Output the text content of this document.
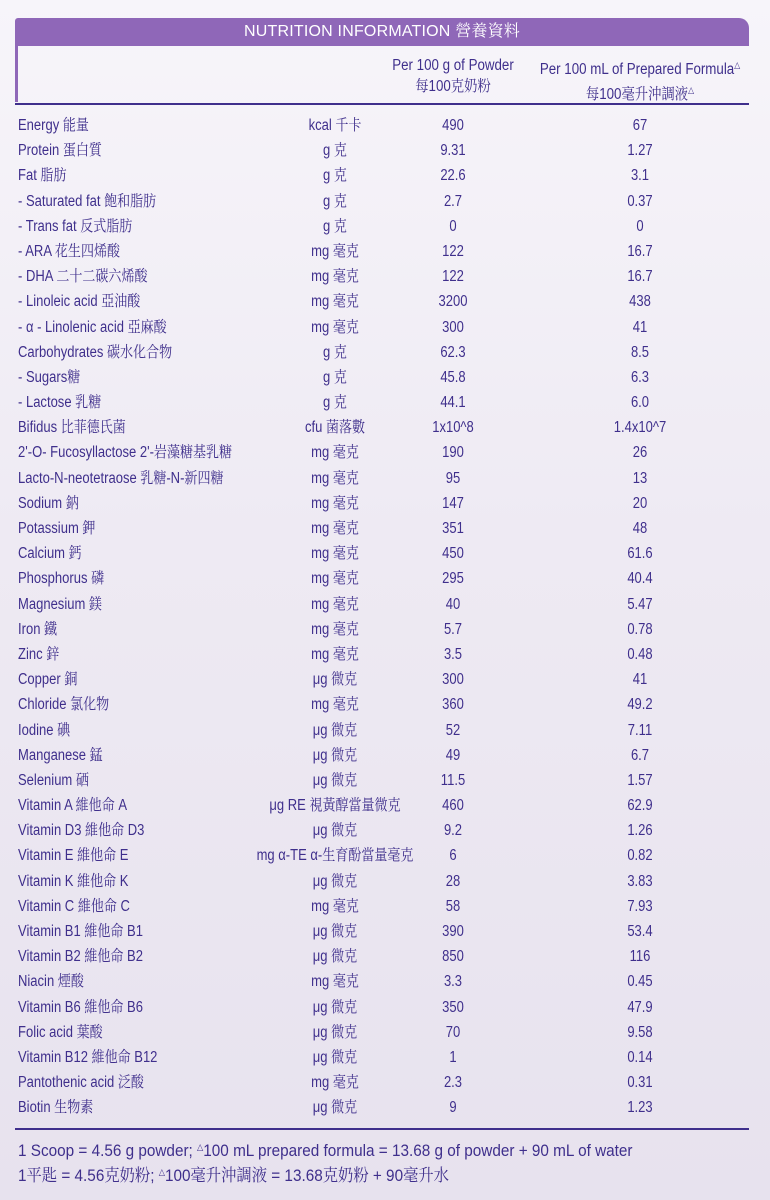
NUTRITION INFORMATION 營養資料
Per 100 g of Powder
每100克奶粉
Per 100 mL of Prepared Formula△
每100毫升沖調液△
Energy 能量	kcal 千卡	490	67
Protein 蛋白質	g 克	9.31	1.27
Fat 脂肪	g 克	22.6	3.1
- Saturated fat 飽和脂肪	g 克	2.7	0.37
- Trans fat 反式脂肪	g 克	0	0
- ARA 花生四烯酸	mg 毫克	122	16.7
- DHA 二十二碳六烯酸	mg 毫克	122	16.7
- Linoleic acid 亞油酸	mg 毫克	3200	438
- α - Linolenic acid 亞麻酸	mg 毫克	300	41
Carbohydrates 碳水化合物	g 克	62.3	8.5
- Sugars糖	g 克	45.8	6.3
- Lactose 乳糖	g 克	44.1	6.0
Bifidus 比菲德氏菌	cfu 菌落數	1x10^8	1.4x10^7
2'-O- Fucosyllactose 2'-岩藻糖基乳糖	mg 毫克	190	26
Lacto-N-neotetraose 乳糖-N-新四糖	mg 毫克	95	13
Sodium 鈉	mg 毫克	147	20
Potassium 鉀	mg 毫克	351	48
Calcium 鈣	mg 毫克	450	61.6
Phosphorus 磷	mg 毫克	295	40.4
Magnesium 鎂	mg 毫克	40	5.47
Iron 鐵	mg 毫克	5.7	0.78
Zinc 鋅	mg 毫克	3.5	0.48
Copper 銅	μg 微克	300	41
Chloride 氯化物	mg 毫克	360	49.2
Iodine 碘	μg 微克	52	7.11
Manganese 錳	μg 微克	49	6.7
Selenium 硒	μg 微克	11.5	1.57
Vitamin A 維他命 A	μg RE 視黃醇當量微克	460	62.9
Vitamin D3 維他命 D3	μg 微克	9.2	1.26
Vitamin E 維他命 E	mg α-TE α-生育酚當量毫克	6	0.82
Vitamin K 維他命 K	μg 微克	28	3.83
Vitamin C 維他命 C	mg 毫克	58	7.93
Vitamin B1 維他命 B1	μg 微克	390	53.4
Vitamin B2 維他命 B2	μg 微克	850	116
Niacin 煙酸	mg 毫克	3.3	0.45
Vitamin B6 維他命 B6	μg 微克	350	47.9
Folic acid 葉酸	μg 微克	70	9.58
Vitamin B12 維他命 B12	μg 微克	1	0.14
Pantothenic acid 泛酸	mg 毫克	2.3	0.31
Biotin 生物素	μg 微克	9	1.23
1 Scoop = 4.56 g powder; △100 mL prepared formula = 13.68 g of powder + 90 mL of water
1平匙 = 4.56克奶粉; △100毫升沖調液 = 13.68克奶粉 + 90毫升水
